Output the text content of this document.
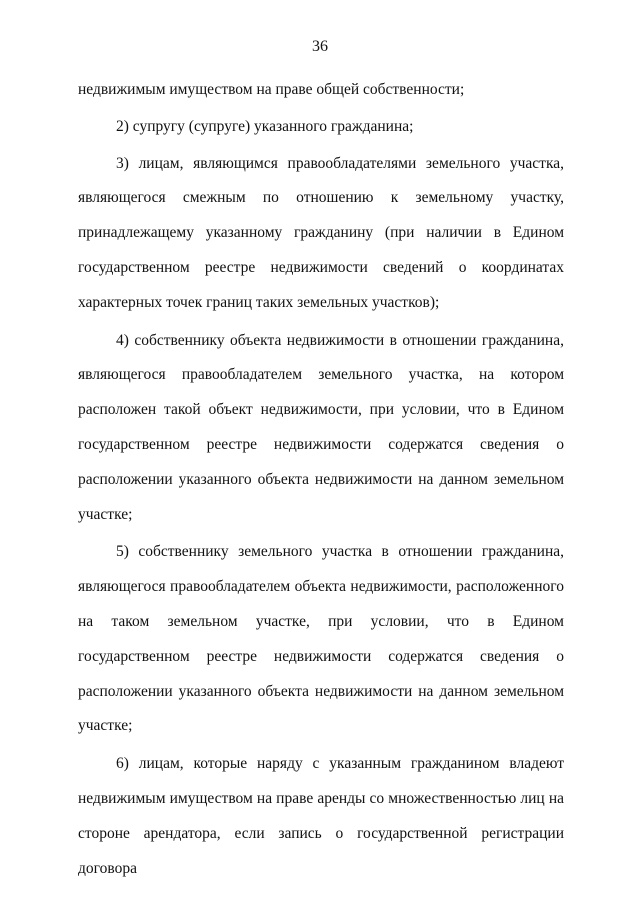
36

недвижимым имуществом на праве общей собственности;

2) супругу (супруге) указанного гражданина;

3) лицам, являющимся правообладателями земельного участка, являющегося смежным по отношению к земельному участку, принадлежащему указанному гражданину (при наличии в Едином государственном реестре недвижимости сведений о координатах характерных точек границ таких земельных участков);

4) собственнику объекта недвижимости в отношении гражданина, являющегося правообладателем земельного участка, на котором расположен такой объект недвижимости, при условии, что в Едином государственном реестре недвижимости содержатся сведения о расположении указанного объекта недвижимости на данном земельном участке;

5) собственнику земельного участка в отношении гражданина, являющегося правообладателем объекта недвижимости, расположенного на таком земельном участке, при условии, что в Едином государственном реестре недвижимости содержатся сведения о расположении указанного объекта недвижимости на данном земельном участке;

6) лицам, которые наряду с указанным гражданином владеют недвижимым имуществом на праве аренды со множественностью лиц на стороне арендатора, если запись о государственной регистрации договора
